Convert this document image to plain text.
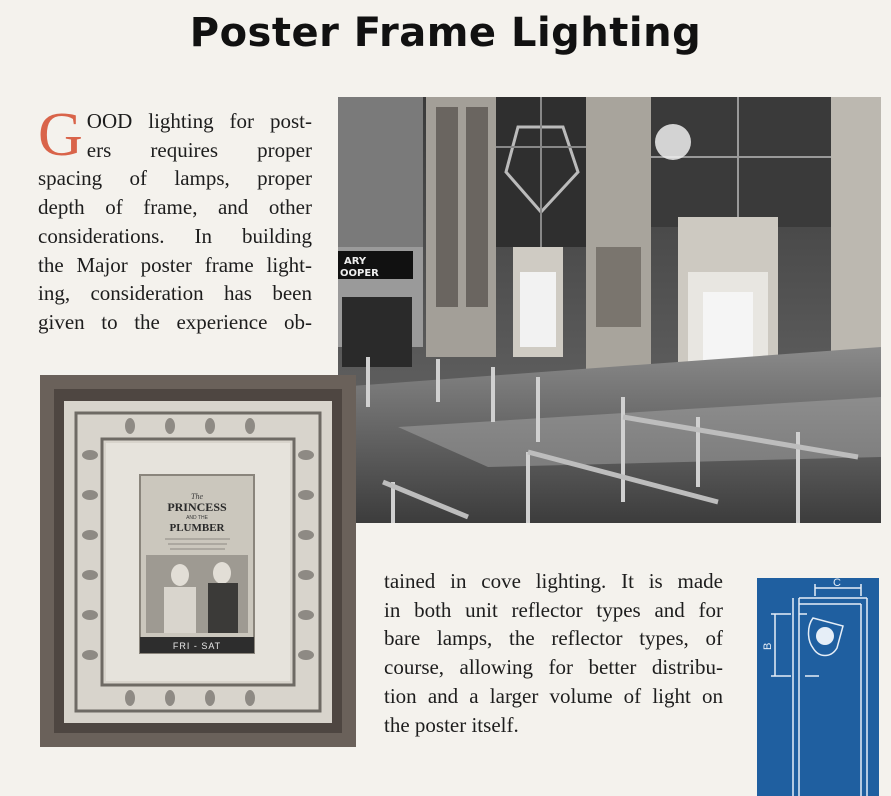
Poster Frame Lighting
G OOD lighting for post-
ers requires proper
spacing of lamps, proper
depth of frame, and other
considerations. In building
the Major poster frame light-
ing, consideration has been
given to the experience ob-
ARY
OOPER
The
PRINCESS
AND THE
PLUMBER
FRI - SAT
tained in cove lighting. It is made
in both unit reflector types and for
bare lamps, the reflector types, of
course, allowing for better distribu-
tion and a larger volume of light on
the poster itself.
C
B
